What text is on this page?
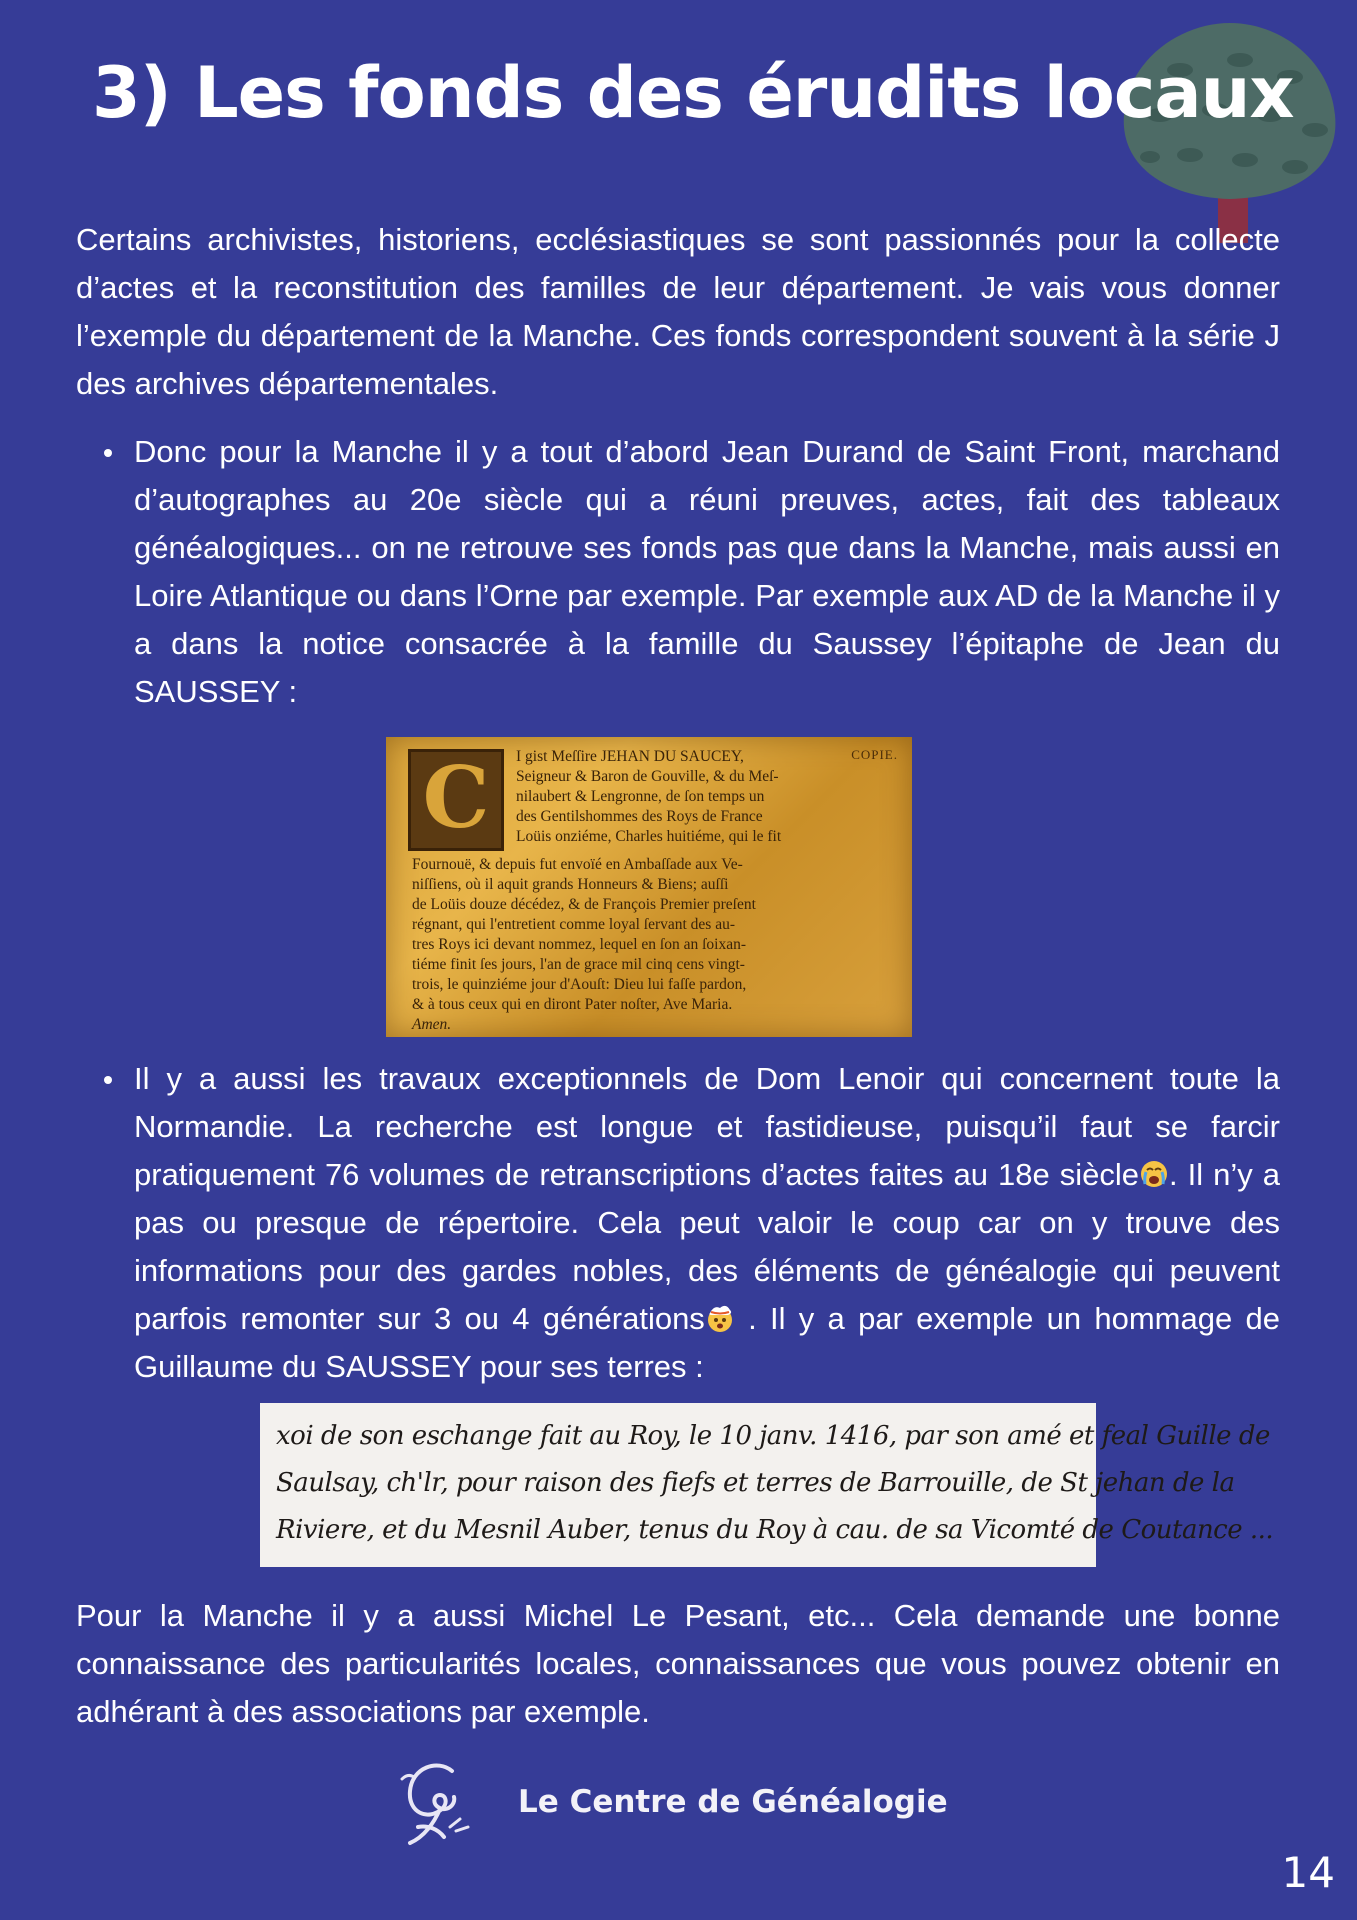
3) Les fonds des érudits locaux

Certains archivistes, historiens, ecclésiastiques se sont passionnés pour la collecte d’actes et la reconstitution des familles de leur département. Je vais vous donner l’exemple du département de la Manche. Ces fonds correspondent souvent à la série J des archives départementales.

Donc pour la Manche il y a tout d’abord Jean Durand de Saint Front, marchand d’autographes au 20e siècle qui a réuni preuves, actes, fait des tableaux généalogiques... on ne retrouve ses fonds pas que dans la Manche, mais aussi en Loire Atlantique ou dans l’Orne par exemple. Par exemple aux AD de la Manche il y a dans la notice consacrée à la famille du Saussey l’épitaphe de Jean du SAUSSEY :
C	COPIE.
I gist Meſſire JEHAN DU SAUCEY,
Seigneur & Baron de Gouville, & du Meſ-
nilaubert & Lengronne, de ſon temps un
des Gentilshommes des Roys de France
Loüis onziéme, Charles huitiéme, qui le fit
Fournouë, & depuis fut envoïé en Ambaſſade aux Ve-
niſſiens, où il aquit grands Honneurs & Biens; auſſi
de Loüis douze décédez, & de François Premier preſent
régnant, qui l'entretient comme loyal ſervant des au-
tres Roys ici devant nommez, lequel en ſon an ſoixan-
tiéme finit ſes jours, l'an de grace mil cinq cens vingt-
trois, le quinziéme jour d'Aouſt: Dieu lui faſſe pardon,
& à tous ceux qui en diront Pater noſter, Ave Maria.
Amen.
Il y a aussi les travaux exceptionnels de Dom Lenoir qui concernent toute la Normandie. La recherche est longue et fastidieuse, puisqu’il faut se farcir pratiquement 76 volumes de retranscriptions d’actes faites au 18e siècle . Il n’y a pas ou presque de répertoire. Cela peut valoir le coup car on y trouve des informations pour des gardes nobles, des éléments de généalogie qui peuvent parfois remonter sur 3 ou 4 générations . Il y a par exemple un hommage de Guillaume du SAUSSEY pour ses terres :
xoi de son eschange fait au Roy, le 10 janv. 1416, par son amé et feal Guille de
Saulsay, ch'lr, pour raison des fiefs et terres de Barrouille, de St jehan de la
Riviere, et du Mesnil Auber, tenus du Roy à cau. de sa Vicomté de Coutance ...

Pour la Manche il y a aussi Michel Le Pesant, etc... Cela demande une bonne connaissance des particularités locales, connaissances que vous pouvez obtenir en adhérant à des associations par exemple.

Le Centre de Généalogie
14
